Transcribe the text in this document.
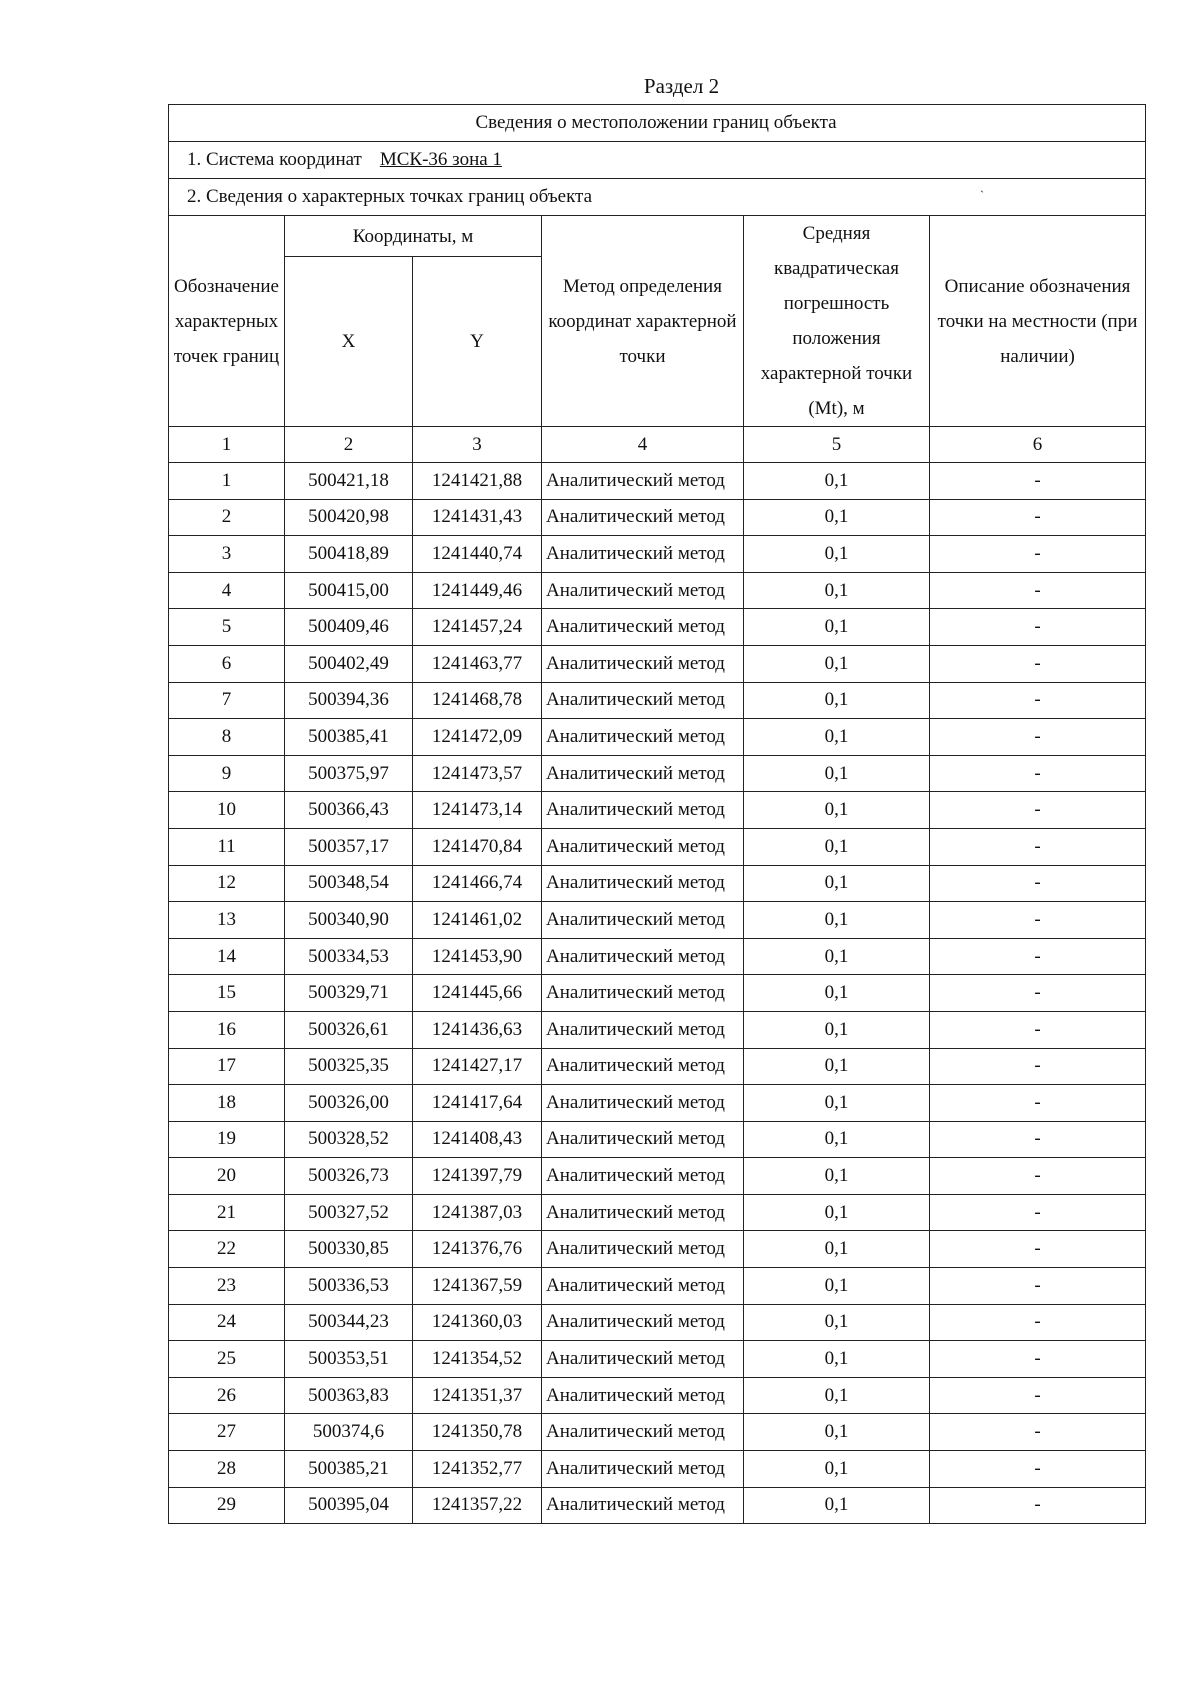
Раздел 2
Сведения о местоположении границ объекта					
1. Система координат МСК-36 зона 1					
2. Сведения о характерных точках границ объекта ˋ					

Обозначение характерных точек границ	Координаты, м		Метод определения координат характерной точки	Средняя квадратическая погрешность положения характерной точки (Mt), м	Описание обозначения точки на местности (при наличии)
	X	Y			
1	2	3	4	5	6
1	500421,18	1241421,88	Аналитический метод	0,1	-
2	500420,98	1241431,43	Аналитический метод	0,1	-
3	500418,89	1241440,74	Аналитический метод	0,1	-
4	500415,00	1241449,46	Аналитический метод	0,1	-
5	500409,46	1241457,24	Аналитический метод	0,1	-
6	500402,49	1241463,77	Аналитический метод	0,1	-
7	500394,36	1241468,78	Аналитический метод	0,1	-
8	500385,41	1241472,09	Аналитический метод	0,1	-
9	500375,97	1241473,57	Аналитический метод	0,1	-
10	500366,43	1241473,14	Аналитический метод	0,1	-
11	500357,17	1241470,84	Аналитический метод	0,1	-
12	500348,54	1241466,74	Аналитический метод	0,1	-
13	500340,90	1241461,02	Аналитический метод	0,1	-
14	500334,53	1241453,90	Аналитический метод	0,1	-
15	500329,71	1241445,66	Аналитический метод	0,1	-
16	500326,61	1241436,63	Аналитический метод	0,1	-
17	500325,35	1241427,17	Аналитический метод	0,1	-
18	500326,00	1241417,64	Аналитический метод	0,1	-
19	500328,52	1241408,43	Аналитический метод	0,1	-
20	500326,73	1241397,79	Аналитический метод	0,1	-
21	500327,52	1241387,03	Аналитический метод	0,1	-
22	500330,85	1241376,76	Аналитический метод	0,1	-
23	500336,53	1241367,59	Аналитический метод	0,1	-
24	500344,23	1241360,03	Аналитический метод	0,1	-
25	500353,51	1241354,52	Аналитический метод	0,1	-
26	500363,83	1241351,37	Аналитический метод	0,1	-
27	500374,6	1241350,78	Аналитический метод	0,1	-
28	500385,21	1241352,77	Аналитический метод	0,1	-
29	500395,04	1241357,22	Аналитический метод	0,1	-
